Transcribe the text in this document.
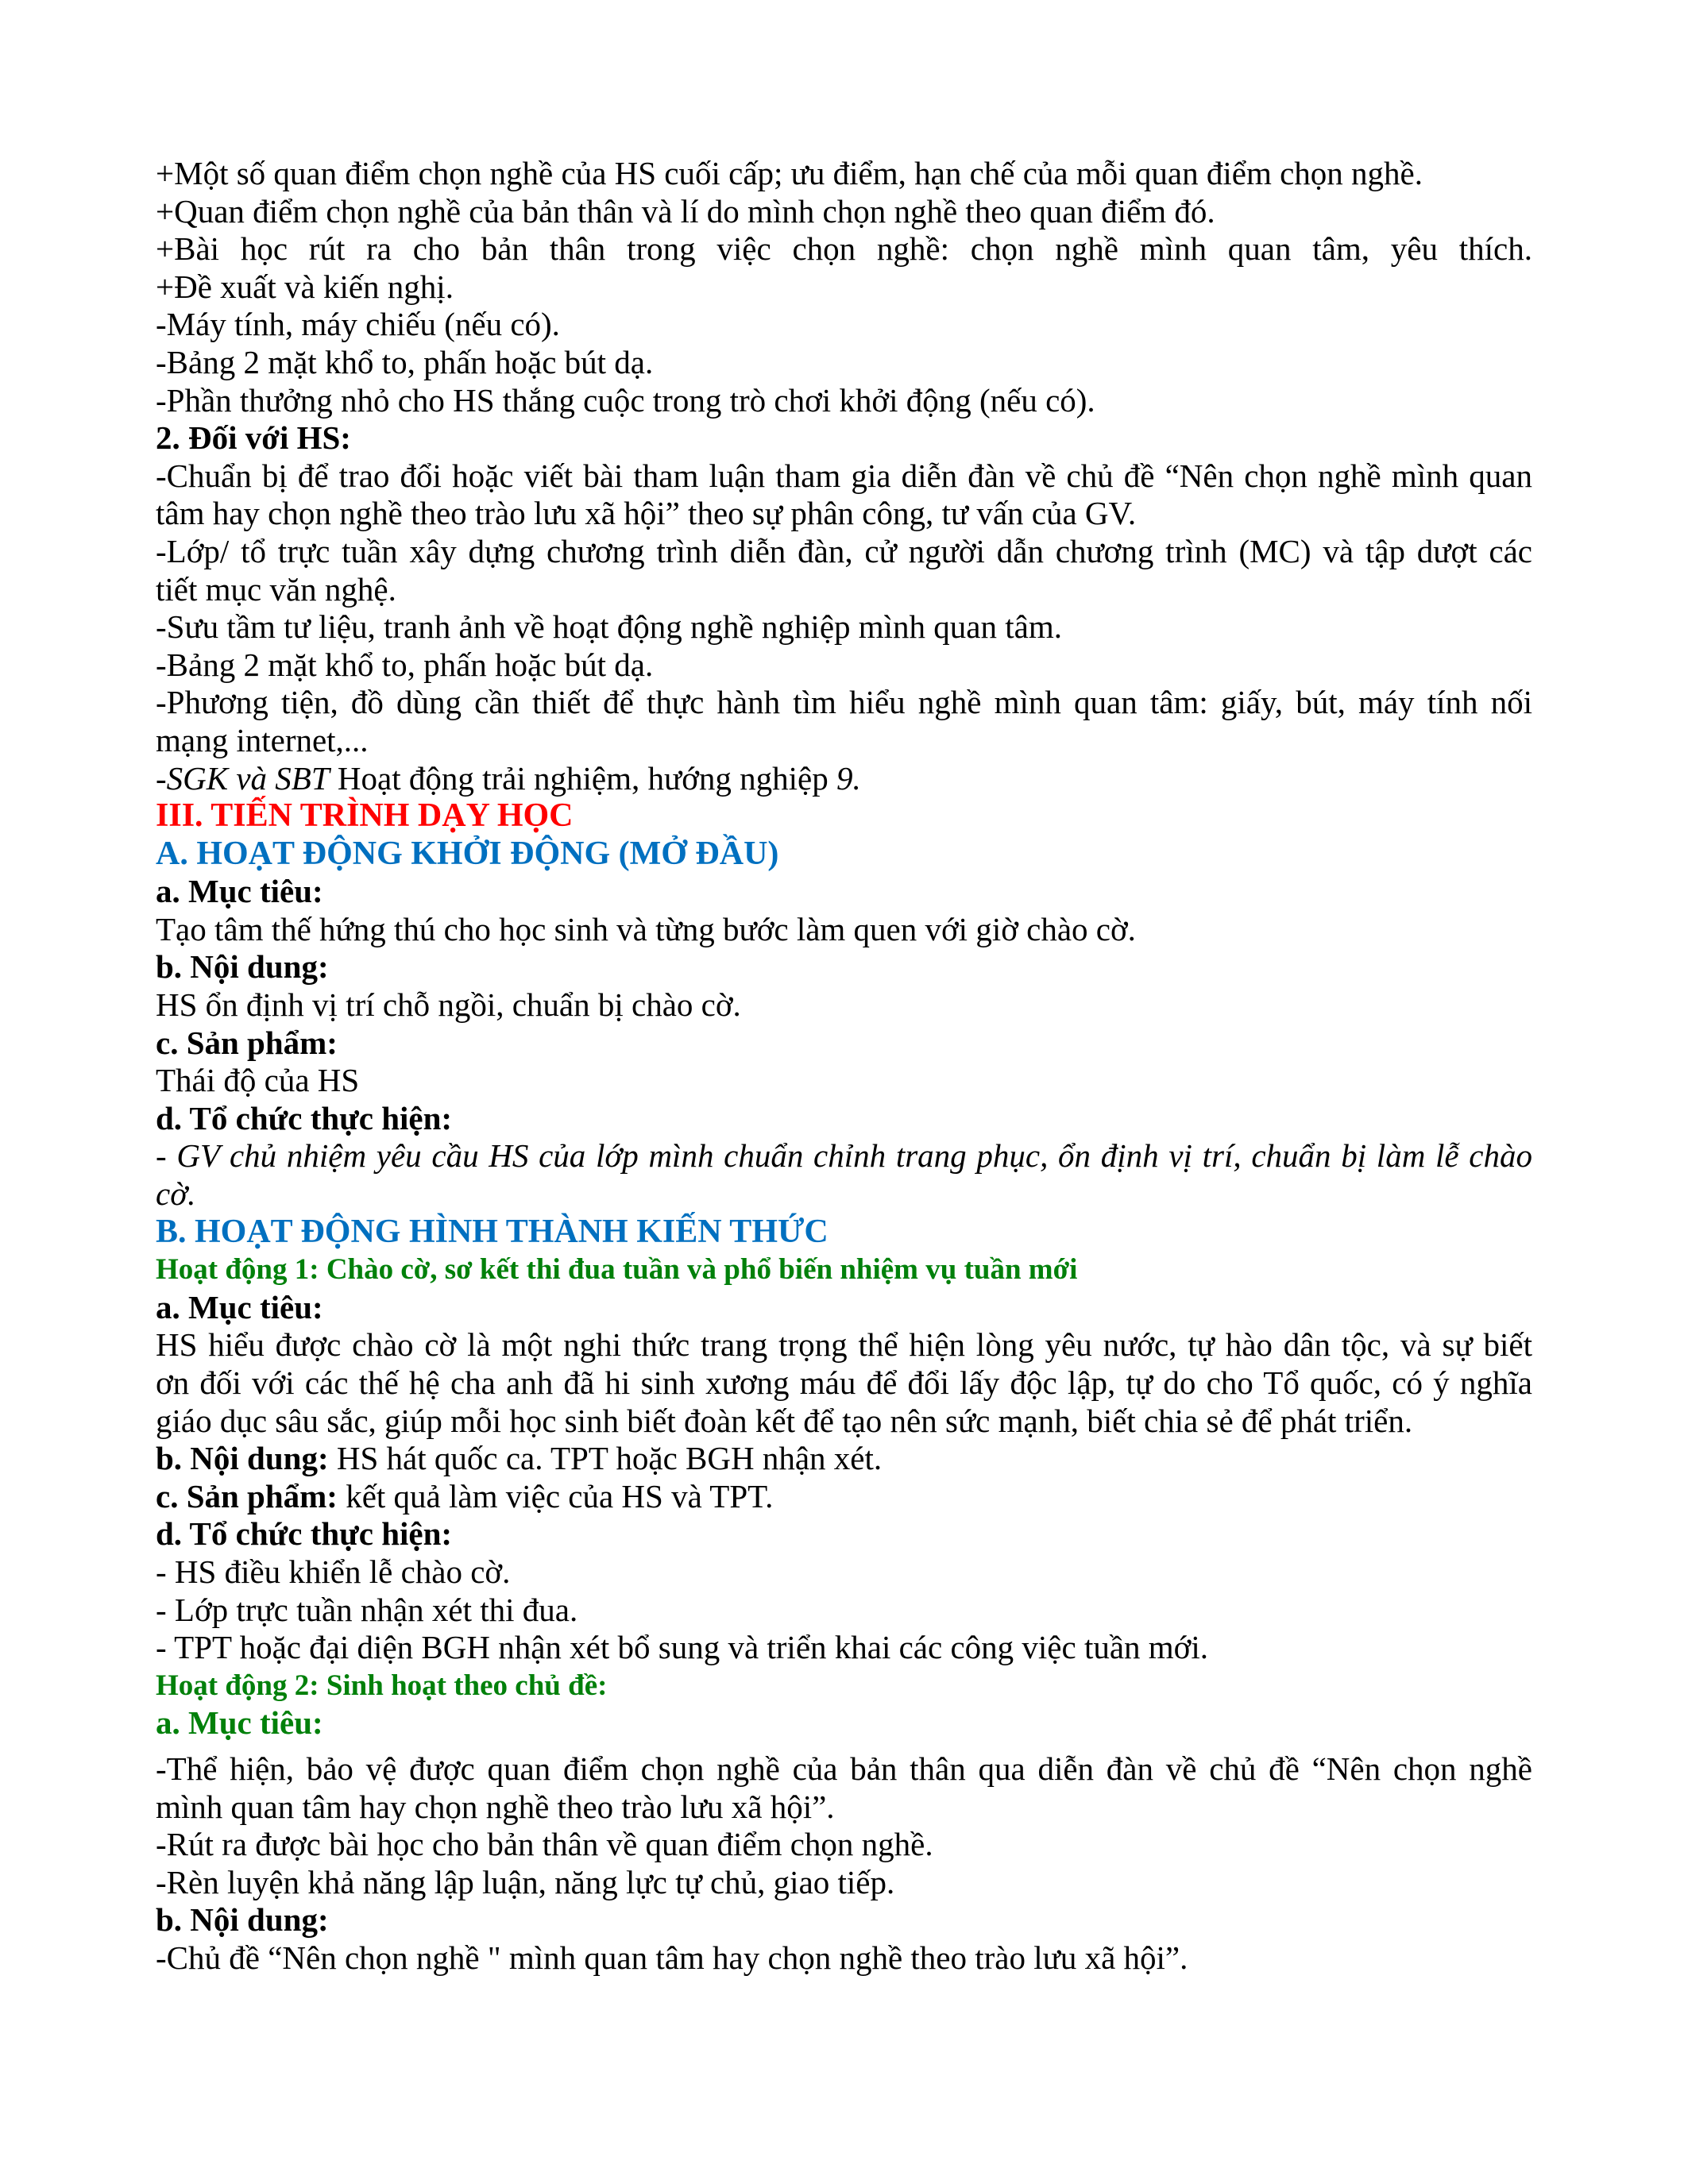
+Một số quan điểm chọn nghề của HS cuối cấp; ưu điểm, hạn chế của mỗi quan điểm chọn nghề.
+Quan điểm chọn nghề của bản thân và lí do mình chọn nghề theo quan điểm đó.
+Bài học rút ra cho bản thân trong việc chọn nghề: chọn nghề mình quan tâm, yêu thích.
+Đề xuất và kiến nghị.
-Máy tính, máy chiếu (nếu có).
-Bảng 2 mặt khổ to, phấn hoặc bút dạ.
-Phần thưởng nhỏ cho HS thắng cuộc trong trò chơi khởi động (nếu có).
2. Đối với HS:
-Chuẩn bị để trao đổi hoặc viết bài tham luận tham gia diễn đàn về chủ đề “Nên chọn nghề mình quan
tâm hay chọn nghề theo trào lưu xã hội” theo sự phân công, tư vấn của GV.
-Lớp/ tổ trực tuần xây dựng chương trình diễn đàn, cử người dẫn chương trình (MC) và tập dượt các
tiết mục văn nghệ.
-Sưu tầm tư liệu, tranh ảnh về hoạt động nghề nghiệp mình quan tâm.
-Bảng 2 mặt khổ to, phấn hoặc bút dạ.
-Phương tiện, đồ dùng cần thiết để thực hành tìm hiểu nghề mình quan tâm: giấy, bút, máy tính nối
mạng internet,...
-SGK và SBT Hoạt động trải nghiệm, hướng nghiệp 9.
III. TIẾN TRÌNH DẠY HỌC
A. HOẠT ĐỘNG KHỞI ĐỘNG (MỞ ĐẦU)
a. Mục tiêu:
Tạo tâm thế hứng thú cho học sinh và từng bước làm quen với giờ chào cờ.
b. Nội dung:
HS ổn định vị trí chỗ ngồi, chuẩn bị chào cờ.
c. Sản phẩm:
Thái độ của HS
d. Tổ chức thực hiện:
- GV chủ nhiệm yêu cầu HS của lớp mình chuẩn chỉnh trang phục, ổn định vị trí, chuẩn bị làm lễ chào
cờ.
B. HOẠT ĐỘNG HÌNH THÀNH KIẾN THỨC
Hoạt động 1: Chào cờ, sơ kết thi đua tuần và phổ biến nhiệm vụ tuần mới
a. Mục tiêu:
HS hiểu được chào cờ là một nghi thức trang trọng thể hiện lòng yêu nước, tự hào dân tộc, và sự biết
ơn đối với các thế hệ cha anh đã hi sinh xương máu để đổi lấy độc lập, tự do cho Tổ quốc, có ý nghĩa
giáo dục sâu sắc, giúp mỗi học sinh biết đoàn kết để tạo nên sức mạnh, biết chia sẻ để phát triển.
b. Nội dung: HS hát quốc ca. TPT hoặc BGH nhận xét.
c. Sản phẩm: kết quả làm việc của HS và TPT.
d. Tổ chức thực hiện:
- HS điều khiển lễ chào cờ.
- Lớp trực tuần nhận xét thi đua.
- TPT hoặc đại diện BGH nhận xét bổ sung và triển khai các công việc tuần mới.
Hoạt động 2: Sinh hoạt theo chủ đề:
a. Mục tiêu:
-Thể hiện, bảo vệ được quan điểm chọn nghề của bản thân qua diễn đàn về chủ đề “Nên chọn nghề
mình quan tâm hay chọn nghề theo trào lưu xã hội”.
-Rút ra được bài học cho bản thân về quan điểm chọn nghề.
-Rèn luyện khả năng lập luận, năng lực tự chủ, giao tiếp.
b. Nội dung:
-Chủ đề “Nên chọn nghề " mình quan tâm hay chọn nghề theo trào lưu xã hội”.
